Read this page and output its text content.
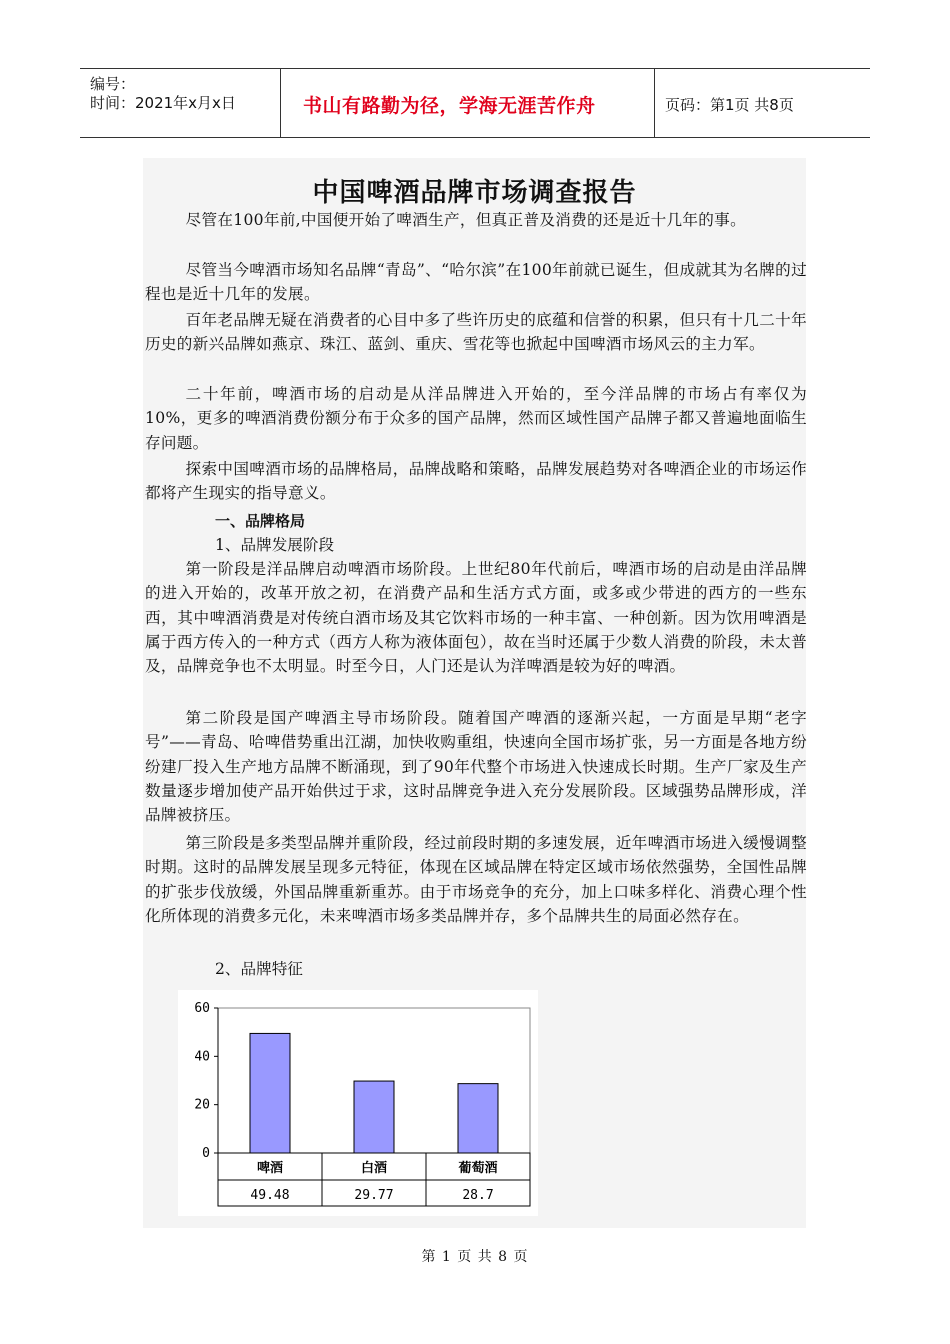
编号：
时间：2021年x月x日	书山有路勤为径，学海无涯苦作舟	页码：第1页 共8页
中国啤酒品牌市场调查报告
尽管在100年前,中国便开始了啤酒生产，但真正普及消费的还是近十几年的事。
尽管当今啤酒市场知名品牌“青岛”、“哈尔滨”在100年前就已诞生，但成就其为名牌的过程也是近十几年的发展。
百年老品牌无疑在消费者的心目中多了些许历史的底蕴和信誉的积累，但只有十几二十年历史的新兴品牌如燕京、珠江、蓝剑、重庆、雪花等也掀起中国啤酒市场风云的主力军。
二十年前，啤酒市场的启动是从洋品牌进入开始的，至今洋品牌的市场占有率仅为10%，更多的啤酒消费份额分布于众多的国产品牌，然而区域性国产品牌子都又普遍地面临生存问题。
探索中国啤酒市场的品牌格局，品牌战略和策略，品牌发展趋势对各啤酒企业的市场运作都将产生现实的指导意义。
一、品牌格局
1、品牌发展阶段
第一阶段是洋品牌启动啤酒市场阶段。上世纪80年代前后，啤酒市场的启动是由洋品牌的进入开始的，改革开放之初，在消费产品和生活方式方面，或多或少带进的西方的一些东西，其中啤酒消费是对传统白酒市场及其它饮料市场的一种丰富、一种创新。因为饮用啤酒是属于西方传入的一种方式（西方人称为液体面包），故在当时还属于少数人消费的阶段，未太普及，品牌竞争也不太明显。时至今日，人门还是认为洋啤酒是较为好的啤酒。
第二阶段是国产啤酒主导市场阶段。随着国产啤酒的逐渐兴起，一方面是早期“老字号”——青岛、哈啤借势重出江湖，加快收购重组，快速向全国市场扩张，另一方面是各地方纷纷建厂投入生产地方品牌不断涌现，到了90年代整个市场进入快速成长时期。生产厂家及生产数量逐步增加使产品开始供过于求，这时品牌竞争进入充分发展阶段。区域强势品牌形成，洋品牌被挤压。
第三阶段是多类型品牌并重阶段，经过前段时期的多速发展，近年啤酒市场进入缓慢调整时期。这时的品牌发展呈现多元特征，体现在区域品牌在特定区域市场依然强势，全国性品牌的扩张步伐放缓，外国品牌重新重苏。由于市场竞争的充分，加上口味多样化、消费心理个性化所体现的消费多元化，未来啤酒市场多类品牌并存，多个品牌共生的局面必然存在。
2、品牌特征
0
20
40
60
啤酒
49.48
白酒
29.77
葡萄酒
28.7
第 1 页 共 8 页
